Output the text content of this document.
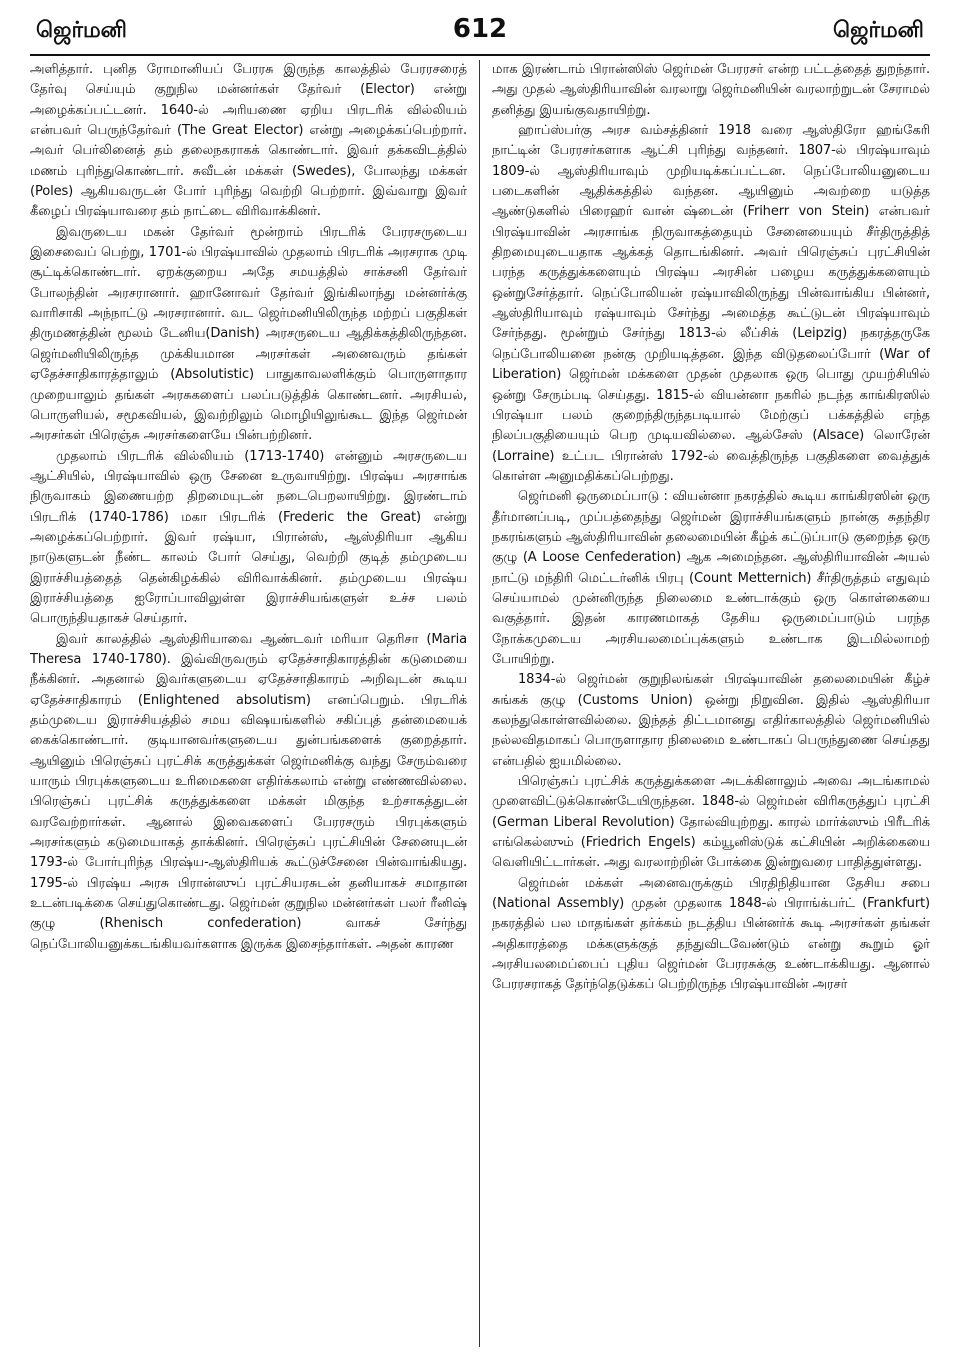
ஜெர்மனி	612	ஜெர்மனி

அளித்தார். புனித ரோமானியப் பேரரசு இருந்த காலத்தில் பேரரசரைத் தேர்வு செய்யும் குறுநில மன்னர்கள் தேர்வர் (Elector) என்று அழைக்கப்பட்டனர். 1640-ல் அரியணை ஏறிய பிரடரிக் வில்லியம் என்பவர் பெருந்தேர்வர் (The Great Elector) என்று அழைக்கப்பெற்றார். அவர் பெர்லினைத் தம் தலைநகராகக் கொண்டார். இவர் தக்கவிடத்தில் மணம் புரிந்துகொண்டார். சுவீடன் மக்கள் (Swedes), போலந்து மக்கள் (Poles) ஆகியவருடன் போர் புரிந்து வெற்றி பெற்றார். இவ்வாறு இவர் கீழைப் பிரஷ்யாவரை தம் நாட்டை விரிவாக்கினர்.

இவருடைய மகன் தேர்வர் மூன்றாம் பிரடரிக் பேரரசருடைய இசைவைப் பெற்று, 1701-ல் பிரஷ்யாவில் முதலாம் பிரடரிக் அரசராக முடி சூட்டிக்கொண்டார். ஏறக்குறைய அதே சமயத்தில் சாக்சனி தேர்வர் போலந்தின் அரசரானார். ஹானோவர் தேர்வர் இங்கிலாந்து மன்னர்க்கு வாரிசாகி அந்நாட்டு அரசரானார். வட ஜெர்மனியிலிருந்த மற்றப் பகுதிகள் திருமணத்தின் மூலம் டேனிய(Danish) அரசருடைய ஆதிக்கத்திலிருந்தன. ஜெர்மனியிலிருந்த முக்கியமான அரசர்கள் அனைவரும் தங்கள் ஏதேச்சாதிகாரத்தாலும் (Absolutistic) பாதுகாவலளிக்கும் பொருளாதார முறையாலும் தங்கள் அரசுகளைப் பலப்படுத்திக் கொண்டனர். அரசியல், பொருளியல், சமூகவியல், இவற்றிலும் மொழியிலுங்கூட இந்த ஜெர்மன் அரசர்கள் பிரெஞ்சு அரசர்களையே பின்பற்றினர்.

முதலாம் பிரடரிக் வில்லியம் (1713-1740) என்னும் அரசருடைய ஆட்சியில், பிரஷ்யாவில் ஒரு சேனை உருவாயிற்று. பிரஷ்ய அரசாங்க நிருவாகம் இணையற்ற திறமையுடன் நடைபெறலாயிற்று. இரண்டாம் பிரடரிக் (1740-1786) மகா பிரடரிக் (Frederic the Great) என்று அழைக்கப்பெற்றார். இவர் ரஷ்யா, பிரான்ஸ், ஆஸ்திரியா ஆகிய நாடுகளுடன் நீண்ட காலம் போர் செய்து, வெற்றி குடித் தம்முடைய இராச்சியத்தைத் தென்கிழக்கில் விரிவாக்கினர். தம்முடைய பிரஷ்ய இராச்சியத்தை ஐரோப்பாவிலுள்ள இராச்சியங்களுள் உச்ச பலம் பொருந்தியதாகச் செய்தார்.

இவர் காலத்தில் ஆஸ்திரியாவை ஆண்டவர் மரியா தெரிசா (Maria Theresa 1740-1780). இவ்விருவரும் ஏதேச்சாதிகாரத்தின் கடுமையை நீக்கினர். அதனால் இவர்களுடைய ஏதேச்சாதிகாரம் அறிவுடன் கூடிய ஏதேச்சாதிகாரம் (Enlightened absolutism) எனப்பெறும். பிரடரிக் தம்முடைய இராச்சியத்தில் சமய விஷயங்களில் சகிப்புத் தன்மையைக் கைக்கொண்டார். குடியானவர்களுடைய துன்பங்களைக் குறைத்தார். ஆயினும் பிரெஞ்சுப் புரட்சிக் கருத்துக்கள் ஜெர்மனிக்கு வந்து சேரும்வரை யாரும் பிரபுக்களுடைய உரிமைகளை எதிர்க்கலாம் என்று எண்ணவில்லை. பிரெஞ்சுப் புரட்சிக் கருத்துக்களை மக்கள் மிகுந்த உற்சாகத்துடன் வரவேற்றார்கள். ஆனால் இவைகளைப் பேரரசரும் பிரபுக்களும் அரசர்களும் கடுமையாகத் தாக்கினர். பிரெஞ்சுப் புரட்சியின் சேனையுடன் 1793-ல் போர்புரிந்த பிரஷ்ய-ஆஸ்திரியக் கூட்டுச்சேனை பின்வாங்கியது. 1795-ல் பிரஷ்ய அரசு பிரான்ஸுப் புரட்சியரசுடன் தனியாகச் சமாதான உடன்படிக்கை செய்துகொண்டது. ஜெர்மன் குறுநில மன்னர்கள் பலர் ரீனிஷ் குழு (Rhenisch confederation) வாகச் சேர்ந்து நெப்போலியனுக்கடங்கியவர்களாக இருக்க இசைந்தார்கள். அதன் காரண

மாக இரண்டாம் பிரான்ஸிஸ் ஜெர்மன் பேரரசர் என்ற பட்டத்தைத் துறந்தார். அது முதல் ஆஸ்திரியாவின் வரலாறு ஜெர்மனியின் வரலாற்றுடன் சேராமல் தனித்து இயங்குவதாயிற்று.

ஹாப்ஸ்பர்கு அரச வம்சத்தினர் 1918 வரை ஆஸ்திரோ ஹங்கேரி நாட்டின் பேரரசர்களாக ஆட்சி புரிந்து வந்தனர். 1807-ல் பிரஷ்யாவும் 1809-ல் ஆஸ்திரியாவும் முறியடிக்கப்பட்டன. நெப்போலியனுடைய படைகளின் ஆதிக்கத்தில் வந்தன. ஆயினும் அவற்றை யடுத்த ஆண்டுகளில் பிரைஹர் வான் ஷ்டைன் (Friherr von Stein) என்பவர் பிரஷ்யாவின் அரசாங்க நிருவாகத்தையும் சேனையையும் சீர்திருத்தித் திறமையுடையதாக ஆக்கத் தொடங்கினர். அவர் பிரெஞ்சுப் புரட்சியின் பரந்த கருத்துக்களையும் பிரஷ்ய அரசின் பழைய கருத்துக்களையும் ஒன்றுசேர்த்தார். நெப்போலியன் ரஷ்யாவிலிருந்து பின்வாங்கிய பின்னர், ஆஸ்திரியாவும் ரஷ்யாவும் சேர்ந்து அமைத்த கூட்டுடன் பிரஷ்யாவும் சேர்ந்தது. மூன்றும் சேர்ந்து 1813-ல் லீப்சிக் (Leipzig) நகரத்தருகே நெப்போலியனை நன்கு முறியடித்தன. இந்த விடுதலைப்போர் (War of Liberation) ஜெர்மன் மக்களை முதன் முதலாக ஒரு பொது முயற்சியில் ஒன்று சேரும்படி செய்தது. 1815-ல் வியன்னா நகரில் நடந்த காங்கிரஸில் பிரஷ்யா பலம் குறைந்திருந்தபடியால் மேற்குப் பக்கத்தில் எந்த நிலப்பகுதியையும் பெற முடியவில்லை. ஆல்சேஸ் (Alsace) லொரேன் (Lorraine) உட்பட பிரான்ஸ் 1792-ல் வைத்திருந்த பகுதிகளை வைத்துக் கொள்ள அனுமதிக்கப்பெற்றது.

ஜெர்மனி ஒருமைப்பாடு : வியன்னா நகரத்தில் கூடிய காங்கிரஸின் ஒரு தீர்மானப்படி, முப்பத்தைந்து ஜெர்மன் இராச்சியங்களும் நான்கு சுதந்திர நகரங்களும் ஆஸ்திரியாவின் தலைமையின் கீழ்க் கட்டுப்பாடு குறைந்த ஒரு குழு (A Loose Cenfederation) ஆக அமைந்தன. ஆஸ்திரியாவின் அயல் நாட்டு மந்திரி மெட்டர்னிக் பிரபு (Count Metternich) சீர்திருத்தம் எதுவும் செய்யாமல் முன்னிருந்த நிலைமை உண்டாக்கும் ஒரு கொள்கையை வகுத்தார். இதன் காரணமாகத் தேசிய ஒருமைப்பாடும் பரந்த நோக்கமுடைய அரசியலமைப்புக்களும் உண்டாக இடமில்லாமற் போயிற்று.

1834-ல் ஜெர்மன் குறுநிலங்கள் பிரஷ்யாவின் தலைமையின் கீழ்ச் சுங்கக் குழு (Customs Union) ஒன்று நிறுவின. இதில் ஆஸ்திரியா கலந்துகொள்ளவில்லை. இந்தத் திட்டமானது எதிர்காலத்தில் ஜெர்மனியில் நல்லவிதமாகப் பொருளாதார நிலைமை உண்டாகப் பெருந்துணை செய்தது என்பதில் ஐயமில்லை.

பிரெஞ்சுப் புரட்சிக் கருத்துக்களை அடக்கினாலும் அவை அடங்காமல் முளைவிட்டுக்கொண்டேயிருந்தன. 1848-ல் ஜெர்மன் விரிகருத்துப் புரட்சி (German Liberal Revolution) தோல்வியுற்றது. காரல் மார்க்ஸும் பிரீடரிக் எங்கெல்ஸும் (Friedrich Engels) கம்யூனிஸ்டுக் கட்சியின் அறிக்கையை வெளியிட்டார்கள். அது வரலாற்றின் போக்கை இன்றுவரை பாதித்துள்ளது.

ஜெர்மன் மக்கள் அனைவருக்கும் பிரதிநிதியான தேசிய சபை (National Assembly) முதன் முதலாக 1848-ல் பிராங்க்பர்ட் (Frankfurt) நகரத்தில் பல மாதங்கள் தர்க்கம் நடத்திய பின்னர்க் கூடி அரசர்கள் தங்கள் அதிகாரத்தை மக்களுக்குத் தந்துவிடவேண்டும் என்று கூறும் ஓர் அரசியலமைப்பைப் புதிய ஜெர்மன் பேரரசுக்கு உண்டாக்கியது. ஆனால் பேரரசராகத் தேர்ந்தெடுக்கப் பெற்றிருந்த பிரஷ்யாவின் அரசர்
